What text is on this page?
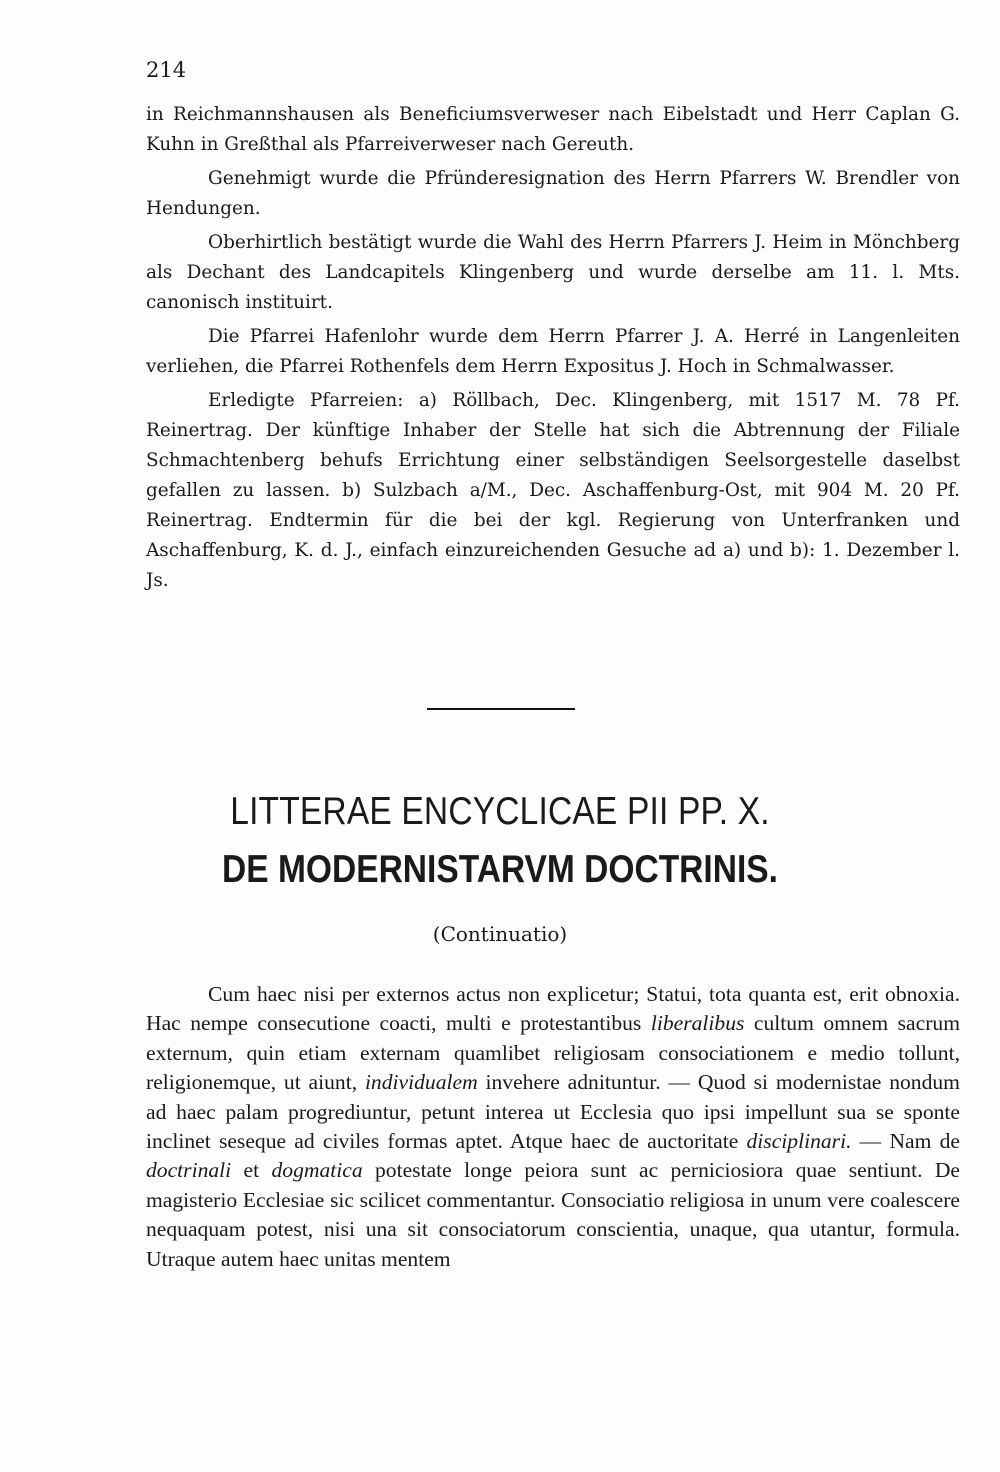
214

in Reichmannshausen als Beneficiumsverweser nach Eibelstadt und Herr Caplan G. Kuhn in Greßthal als Pfarreiverweser nach Gereuth.

Genehmigt wurde die Pfründeresignation des Herrn Pfarrers W. Brendler von Hendungen.

Oberhirtlich bestätigt wurde die Wahl des Herrn Pfarrers J. Heim in Mönchberg als Dechant des Landcapitels Klingenberg und wurde derselbe am 11. l. Mts. canonisch instituirt.

Die Pfarrei Hafenlohr wurde dem Herrn Pfarrer J. A. Herré in Langenleiten verliehen, die Pfarrei Rothenfels dem Herrn Expositus J. Hoch in Schmalwasser.

Erledigte Pfarreien: a) Röllbach, Dec. Klingenberg, mit 1517 M. 78 Pf. Reinertrag. Der künftige Inhaber der Stelle hat sich die Abtrennung der Filiale Schmachtenberg behufs Errichtung einer selbständigen Seelsorgestelle daselbst gefallen zu lassen. b) Sulzbach a/M., Dec. Aschaffenburg-Ost, mit 904 M. 20 Pf. Reinertrag. Endtermin für die bei der kgl. Regierung von Unterfranken und Aschaffenburg, K. d. J., einfach einzureichenden Gesuche ad a) und b): 1. Dezember l. Js.

LITTERAE ENCYCLICAE PII PP. X.
DE MODERNISTARVM DOCTRINIS.
(Continuatio)

Cum haec nisi per externos actus non explicetur; Statui, tota quanta est, erit obnoxia. Hac nempe consecutione coacti, multi e protestantibus liberalibus cultum omnem sacrum externum, quin etiam externam quamlibet religiosam consociationem e medio tollunt, religionemque, ut aiunt, individualem invehere adnituntur. — Quod si modernistae nondum ad haec palam progrediuntur, petunt interea ut Ecclesia quo ipsi impellunt sua se sponte inclinet seseque ad civiles formas aptet. Atque haec de auctoritate disciplinari. — Nam de doctrinali et dogmatica potestate longe peiora sunt ac perniciosiora quae sentiunt. De magisterio Ecclesiae sic scilicet commentantur. Consociatio religiosa in unum vere coalescere nequaquam potest, nisi una sit consociatorum conscientia, unaque, qua utantur, formula. Utraque autem haec unitas mentem
